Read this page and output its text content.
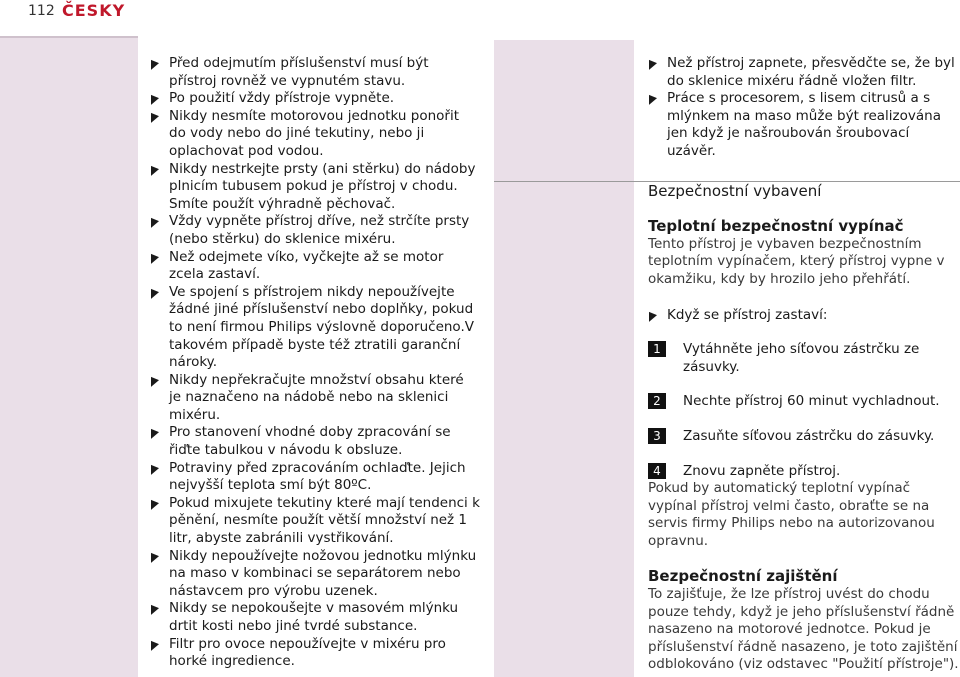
112 ČESKY
Před odejmutím příslušenství musí být přístroj rovněž ve vypnutém stavu.
Po použití vždy přístroje vypněte.
Nikdy nesmíte motorovou jednotku ponořit do vody nebo do jiné tekutiny, nebo ji oplachovat pod vodou.
Nikdy nestrkejte prsty (ani stěrku) do nádoby plnicím tubusem pokud je přístroj v chodu. Smíte použít výhradně pěchovač.
Vždy vypněte přístroj dříve, než strčíte prsty (nebo stěrku) do sklenice mixéru.
Než odejmete víko, vyčkejte až se motor zcela zastaví.
Ve spojení s přístrojem nikdy nepoužívejte žádné jiné příslušenství nebo doplňky, pokud to není firmou Philips výslovně doporučeno.V takovém případě byste též ztratili garanční nároky.
Nikdy nepřekračujte množství obsahu které je naznačeno na nádobě nebo na sklenici mixéru.
Pro stanovení vhodné doby zpracování se řiďte tabulkou v návodu k obsluze.
Potraviny před zpracováním ochlaďte. Jejich nejvyšší teplota smí být 80ºC.
Pokud mixujete tekutiny které mají tendenci k pěnění, nesmíte použít větší množství než 1 litr, abyste zabránili vystřikování.
Nikdy nepoužívejte nožovou jednotku mlýnku na maso v kombinaci se separátorem nebo nástavcem pro výrobu uzenek.
Nikdy se nepokoušejte v masovém mlýnku drtit kosti nebo jiné tvrdé substance.
Filtr pro ovoce nepoužívejte v mixéru pro horké ingredience.
Než přístroj zapnete, přesvědčte se, že byl do sklenice mixéru řádně vložen filtr.
Práce s procesorem, s lisem citrusů a s mlýnkem na maso může být realizována jen když je našroubován šroubovací uzávěr.
Bezpečnostní vybavení
Teplotní bezpečnostní vypínač
Tento přístroj je vybaven bezpečnostním teplotním vypínačem, který přístroj vypne v okamžiku, kdy by hrozilo jeho přehřátí.
Když se přístroj zastaví:
1	Vytáhněte jeho síťovou zástrčku ze zásuvky.
2	Nechte přístroj 60 minut vychladnout.
3	Zasuňte síťovou zástrčku do zásuvky.
4	Znovu zapněte přístroj.
Pokud by automatický teplotní vypínač vypínal přístroj velmi často, obraťte se na servis firmy Philips nebo na autorizovanou opravnu.
Bezpečnostní zajištění
To zajišťuje, že lze přístroj uvést do chodu pouze tehdy, když je jeho příslušenství řádně nasazeno na motorové jednotce. Pokud je příslušenství řádně nasazeno, je toto zajištění odblokováno (viz odstavec "Použití přístroje").
